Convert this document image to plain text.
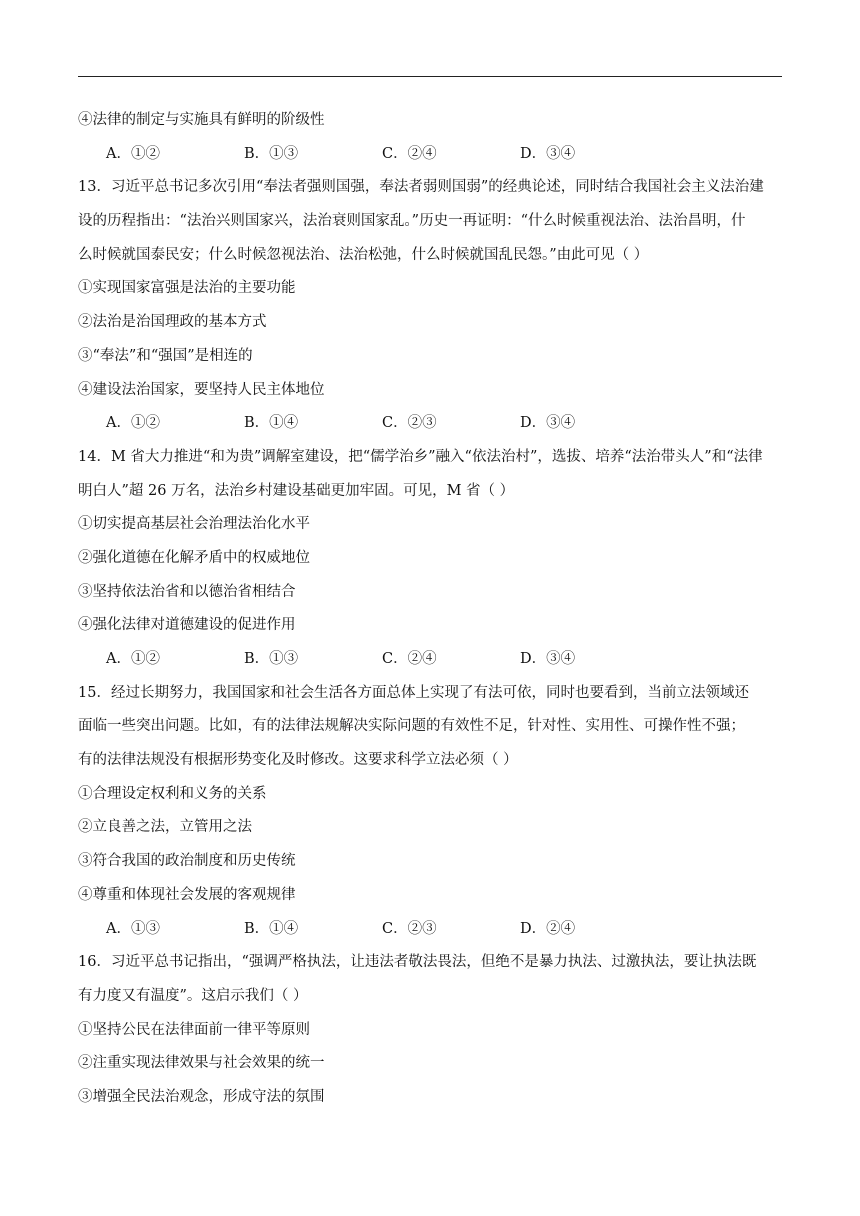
④法律的制定与实施具有鲜明的阶级性
A．①②	B．①③	C．②④	D．③④
13．习近平总书记多次引用“奉法者强则国强，奉法者弱则国弱”的经典论述，同时结合我国社会主义法治建
设的历程指出：“法治兴则国家兴，法治衰则国家乱。”历史一再证明：“什么时候重视法治、法治昌明，什
么时候就国泰民安；什么时候忽视法治、法治松弛，什么时候就国乱民怨。”由此可见（ ）
①实现国家富强是法治的主要功能
②法治是治国理政的基本方式
③“奉法”和“强国”是相连的
④建设法治国家，要坚持人民主体地位
A．①②	B．①④	C．②③	D．③④
14．M 省大力推进“和为贵”调解室建设，把“儒学治乡”融入“依法治村”，选拔、培养“法治带头人”和“法律
明白人”超 26 万名，法治乡村建设基础更加牢固。可见，M 省（ ）
①切实提高基层社会治理法治化水平
②强化道德在化解矛盾中的权威地位
③坚持依法治省和以德治省相结合
④强化法律对道德建设的促进作用
A．①②	B．①③	C．②④	D．③④
15．经过长期努力，我国国家和社会生活各方面总体上实现了有法可依，同时也要看到，当前立法领域还
面临一些突出问题。比如，有的法律法规解决实际问题的有效性不足，针对性、实用性、可操作性不强；
有的法律法规没有根据形势变化及时修改。这要求科学立法必须（ ）
①合理设定权利和义务的关系
②立良善之法，立管用之法
③符合我国的政治制度和历史传统
④尊重和体现社会发展的客观规律
A．①③	B．①④	C．②③	D．②④
16．习近平总书记指出，“强调严格执法，让违法者敬法畏法，但绝不是暴力执法、过激执法，要让执法既
有力度又有温度”。这启示我们（ ）
①坚持公民在法律面前一律平等原则
②注重实现法律效果与社会效果的统一
③增强全民法治观念，形成守法的氛围
